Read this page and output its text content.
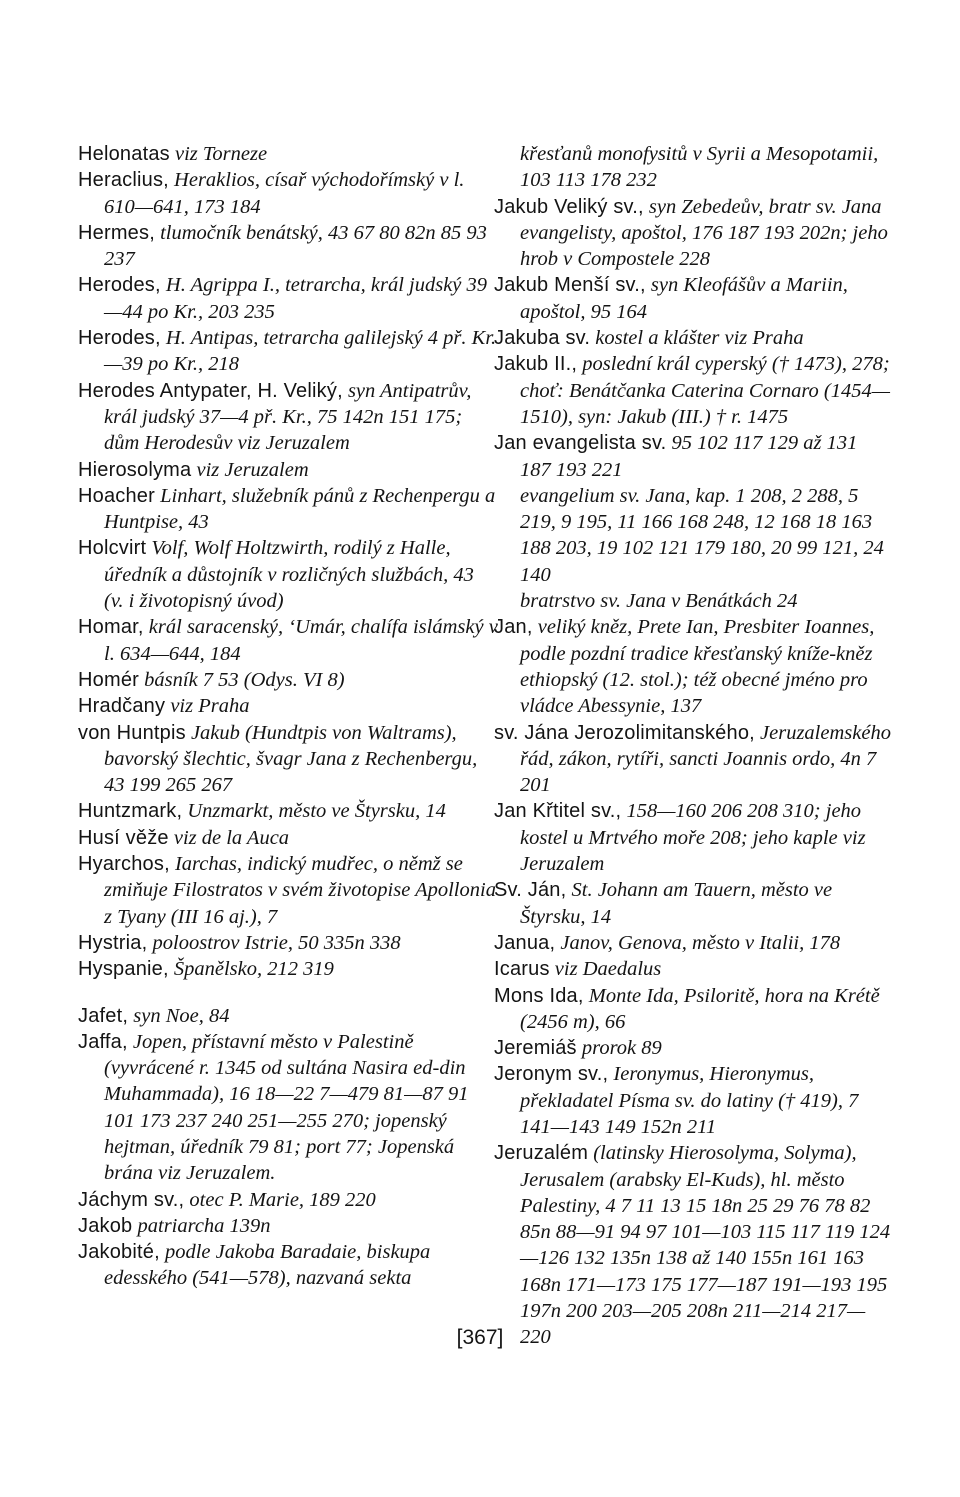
Helonatas viz Torneze

Heraclius, Heraklios, císař východořímský v l. 610—641, 173 184

Hermes, tlumočník benátský, 43 67 80 82n 85 93 237

Herodes, H. Agrippa I., tetrarcha, král judský 39—44 po Kr., 203 235

Herodes, H. Antipas, tetrarcha galilejský 4 př. Kr.—39 po Kr., 218

Herodes Antypater, H. Veliký, syn Antipatrův, král judský 37—4 př. Kr., 75 142n 151 175; dům Herodesův viz Jeruzalem

Hierosolyma viz Jeruzalem

Hoacher Linhart, služebník pánů z Rechenpergu a Huntpise, 43

Holcvirt Volf, Wolf Holtzwirth, rodilý z Halle, úředník a důstojník v rozličných službách, 43 (v. i životopisný úvod)

Homar, král saracenský, ‘Umár, chalífa islámský v l. 634—644, 184

Homér básník 7 53 (Odys. VI 8)

Hradčany viz Praha

von Huntpis Jakub (Hundtpis von Waltrams), bavorský šlechtic, švagr Jana z Rechenbergu, 43 199 265 267

Huntzmark, Unzmarkt, město ve Štyrsku, 14

Husí věže viz de la Auca

Hyarchos, Iarchas, indický mudřec, o němž se zmiňuje Filostratos v svém životopise Apollonia z Tyany (III 16 aj.), 7

Hystria, poloostrov Istrie, 50 335n 338

Hyspanie, Španělsko, 212 319

Jafet, syn Noe, 84

Jaffa, Jopen, přístavní město v Palestině (vyvrácené r. 1345 od sultána Nasira ed-din Muhammada), 16 18—22 7—479 81—87 91 101 173 237 240 251—255 270; jopenský hejtman, úředník 79 81; port 77; Jopenská brána viz Jeruzalem.

Jáchym sv., otec P. Marie, 189 220

Jakob patriarcha 139n

Jakobité, podle Jakoba Baradaie, biskupa edesského (541—578), nazvaná sekta

křesťanů monofysitů v Syrii a Mesopotamii, 103 113 178 232

Jakub Veliký sv., syn Zebedeův, bratr sv. Jana evangelisty, apoštol, 176 187 193 202n; jeho hrob v Compostele 228

Jakub Menší sv., syn Kleofášův a Mariin, apoštol, 95 164

Jakuba sv. kostel a klášter viz Praha

Jakub II., poslední král cyperský († 1473), 278; choť: Benátčanka Caterina Cornaro (1454—1510), syn: Jakub (III.) † r. 1475

Jan evangelista sv. 95 102 117 129 až 131 187 193 221

evangelium sv. Jana, kap. 1 208, 2 288, 5 219, 9 195, 11 166 168 248, 12 168 18 163 188 203, 19 102 121 179 180, 20 99 121, 24 140

bratrstvo sv. Jana v Benátkách 24

Jan, veliký kněz, Prete Ian, Presbiter Ioannes, podle pozdní tradice křesťanský kníže-kněz ethiopský (12. stol.); též obecné jméno pro vládce Abessynie, 137

sv. Jána Jerozolimitanského, Jeruzalemského řád, zákon, rytíři, sancti Joannis ordo, 4n 7 201

Jan Křtitel sv., 158—160 206 208 310; jeho kostel u Mrtvého moře 208; jeho kaple viz Jeruzalem

Sv. Ján, St. Johann am Tauern, město ve Štyrsku, 14

Janua, Janov, Genova, město v Italii, 178

Icarus viz Daedalus

Mons Ida, Monte Ida, Psiloritě, hora na Krétě (2456 m), 66

Jeremiáš prorok 89

Jeronym sv., Ieronymus, Hieronymus, překladatel Písma sv. do latiny († 419), 7 141—143 149 152n 211

Jeruzalém (latinsky Hierosolyma, Solyma), Jerusalem (arabsky El-Kuds), hl. město Palestiny, 4 7 11 13 15 18n 25 29 76 78 82 85n 88—91 94 97 101—103 115 117 119 124—126 132 135n 138 až 140 155n 161 163 168n 171—173 175 177—187 191—193 195 197n 200 203—205 208n 211—214 217—220

[367]
